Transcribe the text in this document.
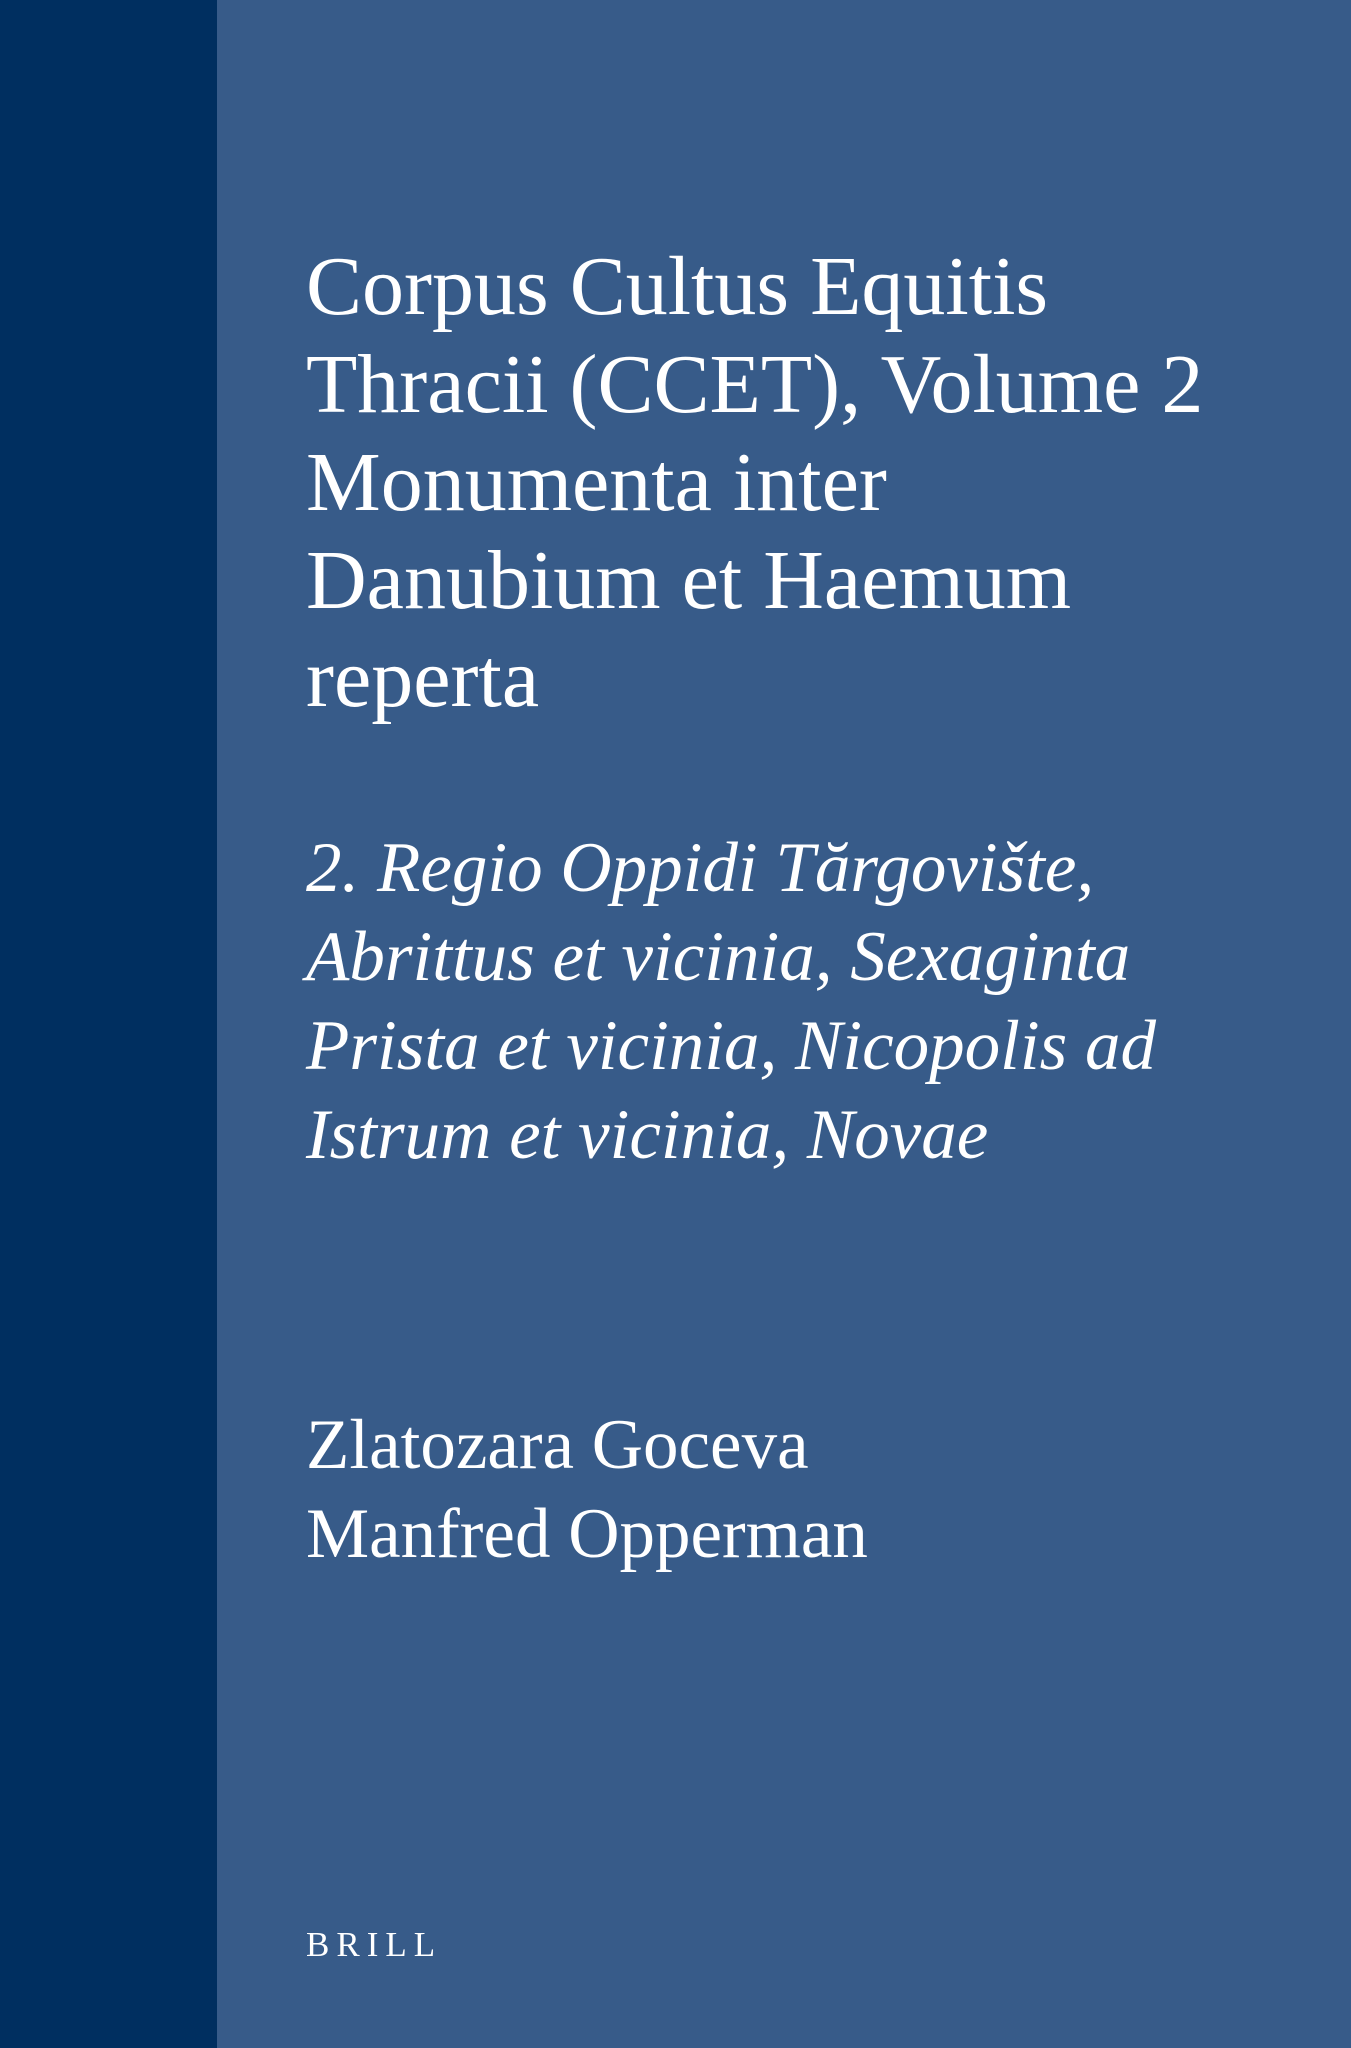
Corpus Cultus Equitis Thracii (CCET), Volume 2 Monumenta inter Danubium et Haemum reperta

2. Regio Oppidi Tărgovište, Abrittus et vicinia, Sexaginta Prista et vicinia, Nicopolis ad Istrum et vicinia, Novae

Zlatozara Goceva
Manfred Opperman
BRILL
